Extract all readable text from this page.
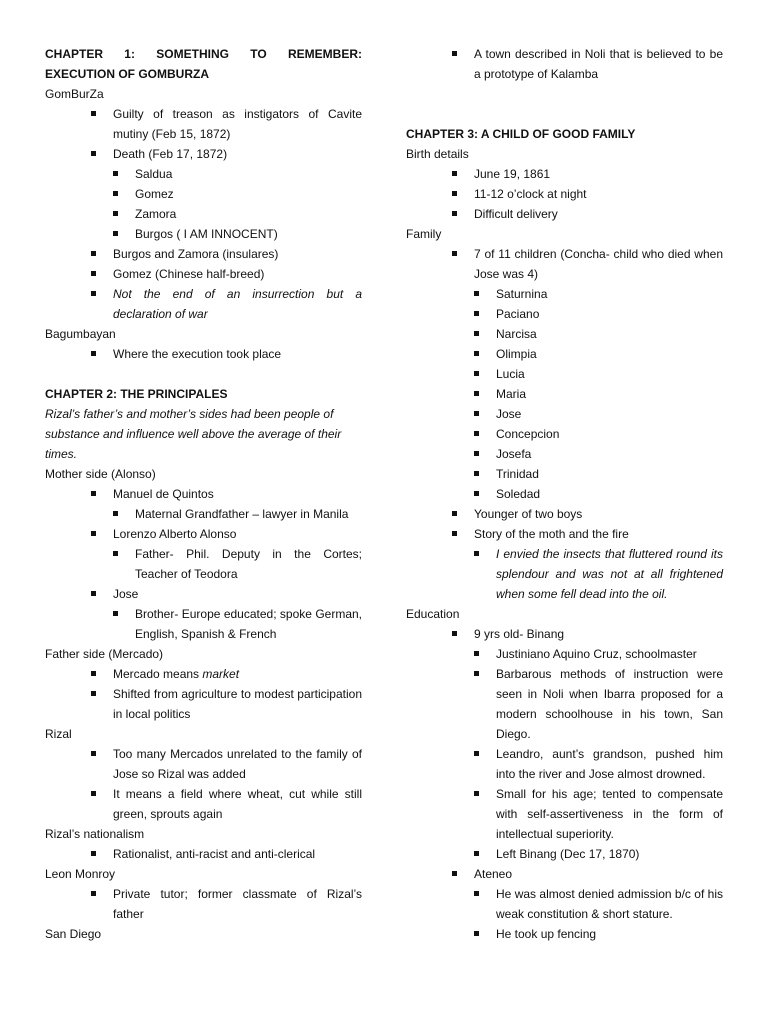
CHAPTER 1: SOMETHING TO REMEMBER: EXECUTION OF GOMBURZA
GomBurZa
Guilty of treason as instigators of Cavite mutiny (Feb 15, 1872)
Death (Feb 17, 1872)
Saldua
Gomez
Zamora
Burgos ( I AM INNOCENT)
Burgos and Zamora (insulares)
Gomez (Chinese half-breed)
Not the end of an insurrection but a declaration of war
Bagumbayan
Where the execution took place
CHAPTER 2: THE PRINCIPALES
Rizal’s father’s and mother’s sides had been people of substance and influence well above the average of their times.
Mother side (Alonso)
Manuel de Quintos
Maternal Grandfather – lawyer in Manila
Lorenzo Alberto Alonso
Father- Phil. Deputy in the Cortes; Teacher of Teodora
Jose
Brother- Europe educated; spoke German, English, Spanish & French
Father side (Mercado)
Mercado means market
Shifted from agriculture to modest participation in local politics
Rizal
Too many Mercados unrelated to the family of Jose so Rizal was added
It means a field where wheat, cut while still green, sprouts again
Rizal’s nationalism
Rationalist, anti-racist and anti-clerical
Leon Monroy
Private tutor; former classmate of Rizal’s father
San Diego
A town described in Noli that is believed to be a prototype of Kalamba
CHAPTER 3: A CHILD OF GOOD FAMILY
Birth details
June 19, 1861
11-12 o’clock at night
Difficult delivery
Family
7 of 11 children (Concha- child who died when Jose was 4)
Saturnina
Paciano
Narcisa
Olimpia
Lucia
Maria
Jose
Concepcion
Josefa
Trinidad
Soledad
Younger of two boys
Story of the moth and the fire
I envied the insects that fluttered round its splendour and was not at all frightened when some fell dead into the oil.
Education
9 yrs old- Binang
Justiniano Aquino Cruz, schoolmaster
Barbarous methods of instruction were seen in Noli when Ibarra proposed for a modern schoolhouse in his town, San Diego.
Leandro, aunt’s grandson, pushed him into the river and Jose almost drowned.
Small for his age; tented to compensate with self-assertiveness in the form of intellectual superiority.
Left Binang (Dec 17, 1870)
Ateneo
He was almost denied admission b/c of his weak constitution & short stature.
He took up fencing
